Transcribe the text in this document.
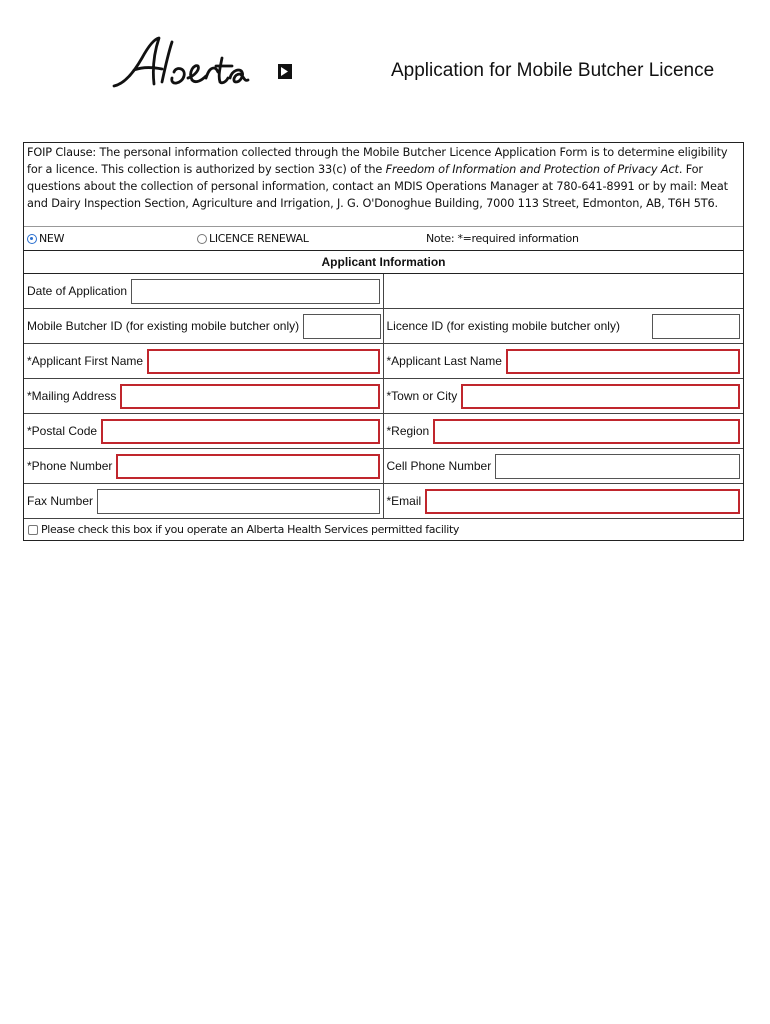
Application for Mobile Butcher Licence
FOIP Clause: The personal information collected through the Mobile Butcher Licence Application Form is to determine eligibility for a licence. This collection is authorized by section 33(c) of the Freedom of Information and Protection of Privacy Act. For questions about the collection of personal information, contact an MDIS Operations Manager at 780-641-8991 or by mail: Meat and Dairy Inspection Section, Agriculture and Irrigation, J. G. O'Donoghue Building, 7000 113 Street, Edmonton, AB, T6H 5T6.
NEW	LICENCE RENEWAL	Note: *=required information
Applicant Information
Date of Application
Mobile Butcher ID (for existing mobile butcher only)	Licence ID (for existing mobile butcher only)
*Applicant First Name	*Applicant Last Name
*Mailing Address	*Town or City
*Postal Code	*Region
*Phone Number	Cell Phone Number
Fax Number	*Email
Please check this box if you operate an Alberta Health Services permitted facility
